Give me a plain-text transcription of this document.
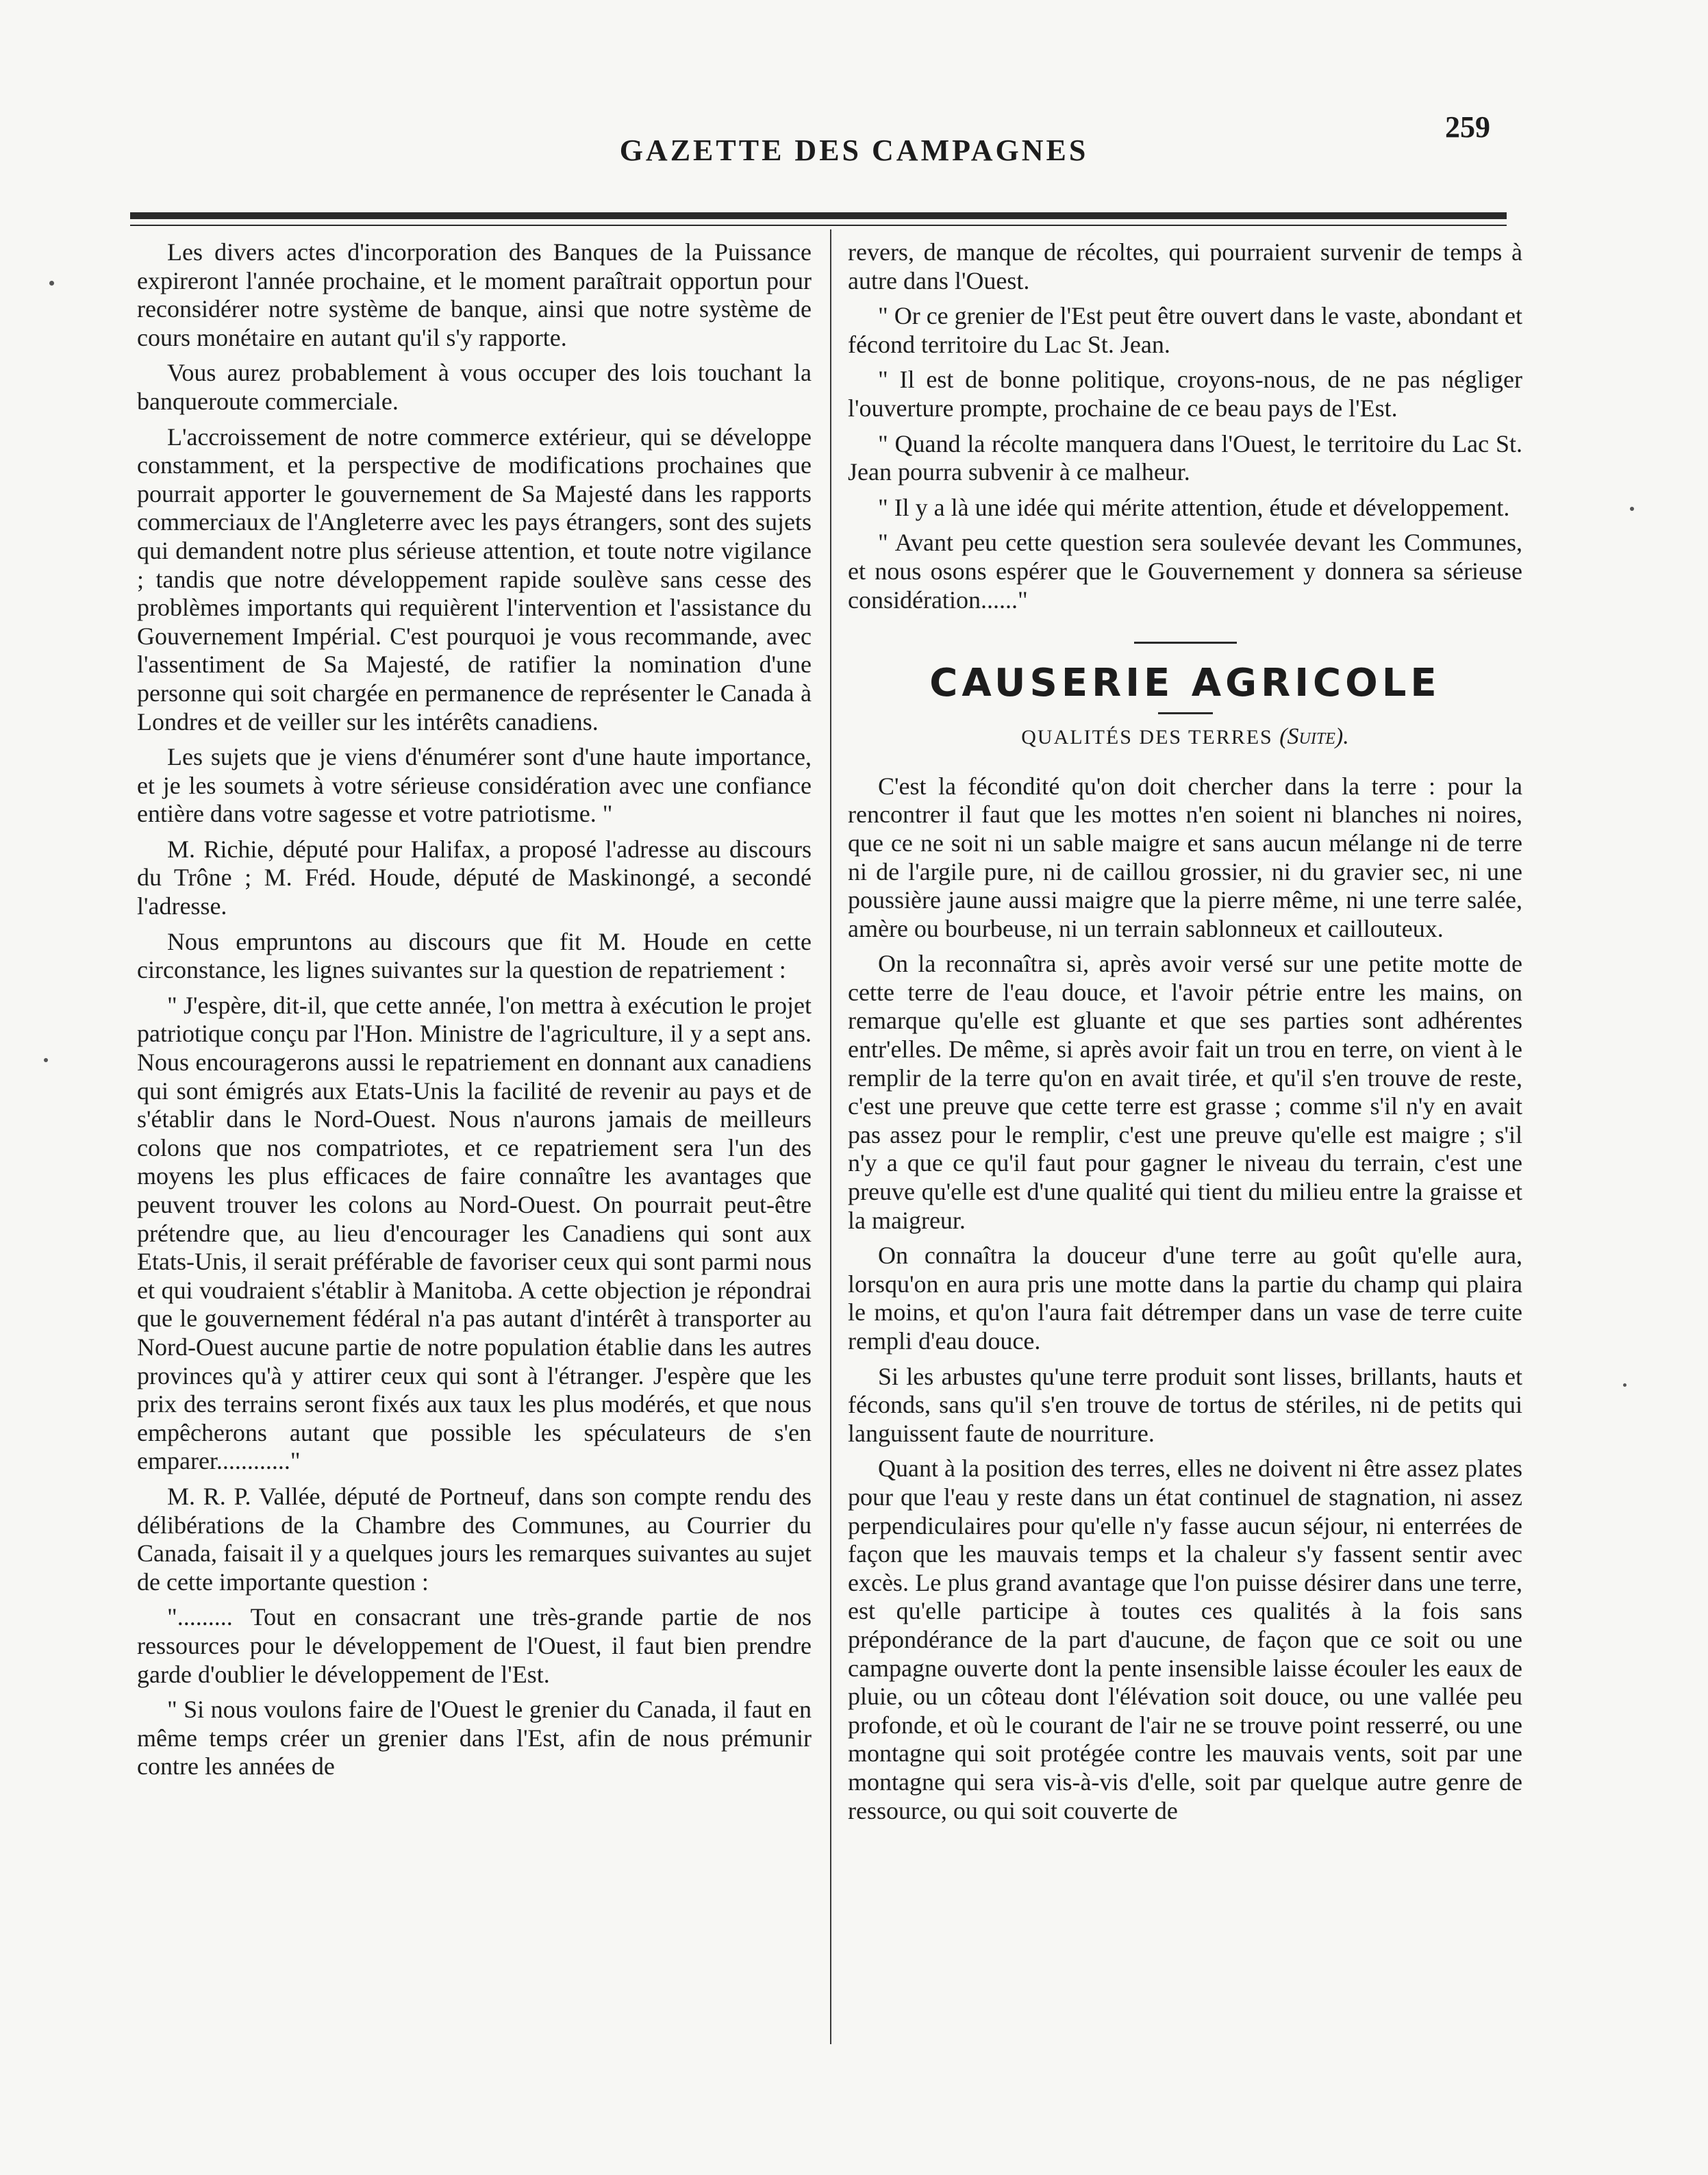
GAZETTE DES CAMPAGNES
259

Les divers actes d'incorporation des Banques de la Puissance expireront l'année prochaine, et le moment paraîtrait opportun pour reconsidérer notre système de banque, ainsi que notre système de cours monétaire en autant qu'il s'y rapporte.

Vous aurez probablement à vous occuper des lois touchant la banqueroute commerciale.

L'accroissement de notre commerce extérieur, qui se développe constamment, et la perspective de modifications prochaines que pourrait apporter le gouvernement de Sa Majesté dans les rapports commerciaux de l'Angleterre avec les pays étrangers, sont des sujets qui demandent notre plus sérieuse attention, et toute notre vigilance ; tandis que notre développement rapide soulève sans cesse des problèmes importants qui requièrent l'intervention et l'assistance du Gouvernement Impérial. C'est pourquoi je vous recommande, avec l'assentiment de Sa Majesté, de ratifier la nomination d'une personne qui soit chargée en permanence de représenter le Canada à Londres et de veiller sur les intérêts canadiens.

Les sujets que je viens d'énumérer sont d'une haute importance, et je les soumets à votre sérieuse considération avec une confiance entière dans votre sagesse et votre patriotisme. "

M. Richie, député pour Halifax, a proposé l'adresse au discours du Trône ; M. Fréd. Houde, député de Maskinongé, a secondé l'adresse.

Nous empruntons au discours que fit M. Houde en cette circonstance, les lignes suivantes sur la question de repatriement :

" J'espère, dit-il, que cette année, l'on mettra à exécution le projet patriotique conçu par l'Hon. Ministre de l'agriculture, il y a sept ans. Nous encouragerons aussi le repatriement en donnant aux canadiens qui sont émigrés aux Etats-Unis la facilité de revenir au pays et de s'établir dans le Nord-Ouest. Nous n'aurons jamais de meilleurs colons que nos compatriotes, et ce repatriement sera l'un des moyens les plus efficaces de faire connaître les avantages que peuvent trouver les colons au Nord-Ouest. On pourrait peut-être prétendre que, au lieu d'encourager les Canadiens qui sont aux Etats-Unis, il serait préférable de favoriser ceux qui sont parmi nous et qui voudraient s'établir à Manitoba. A cette objection je répondrai que le gouvernement fédéral n'a pas autant d'intérêt à transporter au Nord-Ouest aucune partie de notre population établie dans les autres provinces qu'à y attirer ceux qui sont à l'étranger. J'espère que les prix des terrains seront fixés aux taux les plus modérés, et que nous empêcherons autant que possible les spéculateurs de s'en emparer............"

M. R. P. Vallée, député de Portneuf, dans son compte rendu des délibérations de la Chambre des Communes, au Courrier du Canada, faisait il y a quelques jours les remarques suivantes au sujet de cette importante question :

"......... Tout en consacrant une très-grande partie de nos ressources pour le développement de l'Ouest, il faut bien prendre garde d'oublier le développement de l'Est.

" Si nous voulons faire de l'Ouest le grenier du Canada, il faut en même temps créer un grenier dans l'Est, afin de nous prémunir contre les années de

revers, de manque de récoltes, qui pourraient survenir de temps à autre dans l'Ouest.

" Or ce grenier de l'Est peut être ouvert dans le vaste, abondant et fécond territoire du Lac St. Jean.

" Il est de bonne politique, croyons-nous, de ne pas négliger l'ouverture prompte, prochaine de ce beau pays de l'Est.

" Quand la récolte manquera dans l'Ouest, le territoire du Lac St. Jean pourra subvenir à ce malheur.

" Il y a là une idée qui mérite attention, étude et développement.

" Avant peu cette question sera soulevée devant les Communes, et nous osons espérer que le Gouvernement y donnera sa sérieuse considération......"

CAUSERIE AGRICOLE
QUALITÉS DES TERRES (Suite).

C'est la fécondité qu'on doit chercher dans la terre : pour la rencontrer il faut que les mottes n'en soient ni blanches ni noires, que ce ne soit ni un sable maigre et sans aucun mélange ni de terre ni de l'argile pure, ni de caillou grossier, ni du gravier sec, ni une poussière jaune aussi maigre que la pierre même, ni une terre salée, amère ou bourbeuse, ni un terrain sablonneux et caillouteux.

On la reconnaîtra si, après avoir versé sur une petite motte de cette terre de l'eau douce, et l'avoir pétrie entre les mains, on remarque qu'elle est gluante et que ses parties sont adhérentes entr'elles. De même, si après avoir fait un trou en terre, on vient à le remplir de la terre qu'on en avait tirée, et qu'il s'en trouve de reste, c'est une preuve que cette terre est grasse ; comme s'il n'y en avait pas assez pour le remplir, c'est une preuve qu'elle est maigre ; s'il n'y a que ce qu'il faut pour gagner le niveau du terrain, c'est une preuve qu'elle est d'une qualité qui tient du milieu entre la graisse et la maigreur.

On connaîtra la douceur d'une terre au goût qu'elle aura, lorsqu'on en aura pris une motte dans la partie du champ qui plaira le moins, et qu'on l'aura fait détremper dans un vase de terre cuite rempli d'eau douce.

Si les arbustes qu'une terre produit sont lisses, brillants, hauts et féconds, sans qu'il s'en trouve de tortus de stériles, ni de petits qui languissent faute de nourriture.

Quant à la position des terres, elles ne doivent ni être assez plates pour que l'eau y reste dans un état continuel de stagnation, ni assez perpendiculaires pour qu'elle n'y fasse aucun séjour, ni enterrées de façon que les mauvais temps et la chaleur s'y fassent sentir avec excès. Le plus grand avantage que l'on puisse désirer dans une terre, est qu'elle participe à toutes ces qualités à la fois sans prépondérance de la part d'aucune, de façon que ce soit ou une campagne ouverte dont la pente insensible laisse écouler les eaux de pluie, ou un côteau dont l'élévation soit douce, ou une vallée peu profonde, et où le courant de l'air ne se trouve point resserré, ou une montagne qui soit protégée contre les mauvais vents, soit par une montagne qui sera vis-à-vis d'elle, soit par quelque autre genre de ressource, ou qui soit couverte de
